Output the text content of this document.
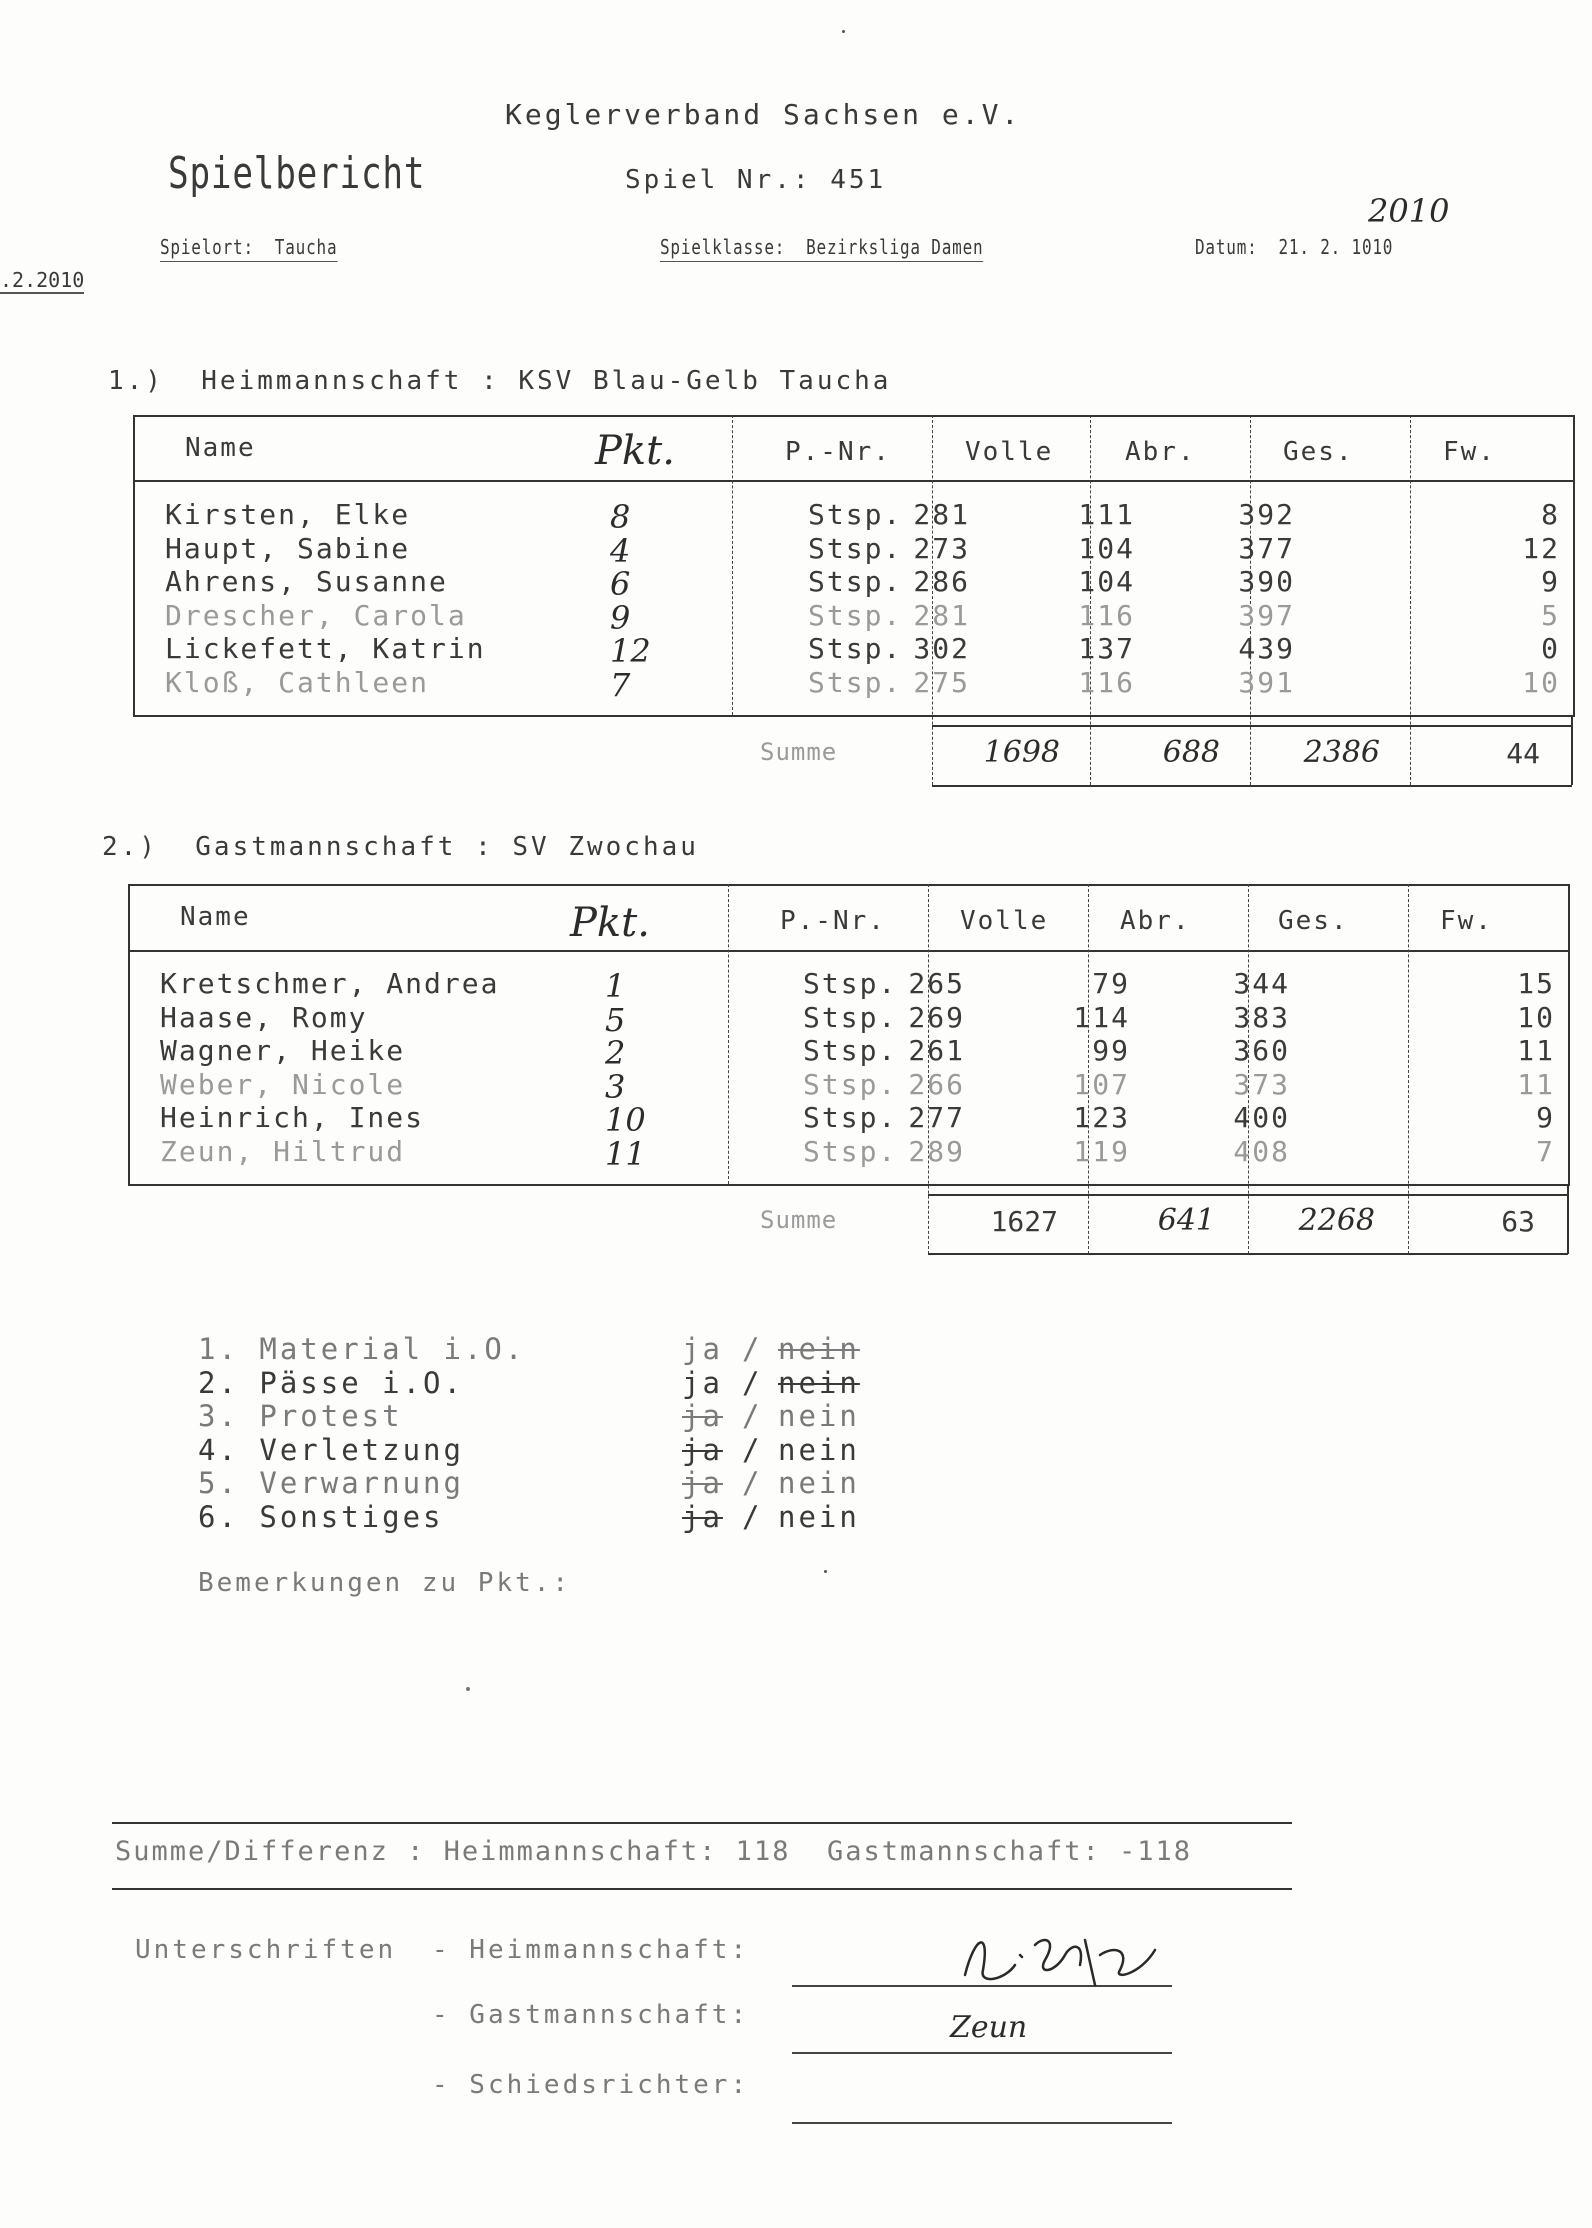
Keglerverband Sachsen e.V.
Spielbericht	Spiel Nr.: 451
Spielort: Taucha	Spielklasse: Bezirksliga Damen	Datum: 21. 2. 1010
2010
.2.2010
1.)  Heimmannschaft : KSV Blau-Gelb Taucha
Name	Pkt.	P.-Nr.	Volle	Abr.	Ges.	Fw.
Kirsten, Elke	8	Stsp. 281	111	392	8
Haupt, Sabine	4	Stsp. 273	104	377	12
Ahrens, Susanne	6	Stsp. 286	104	390	9
Drescher, Carola	9	Stsp. 281	116	397	5
Lickefett, Katrin	12	Stsp. 302	137	439	0
Kloß, Cathleen	7	Stsp. 275	116	391	10
Summe	1698	688	2386	44
2.)  Gastmannschaft : SV Zwochau
Name	Pkt.	P.-Nr.	Volle	Abr.	Ges.	Fw.
Kretschmer, Andrea	1	Stsp. 265	79	344	15
Haase, Romy	5	Stsp. 269	114	383	10
Wagner, Heike	2	Stsp. 261	99	360	11
Weber, Nicole	3	Stsp. 266	107	373	11
Heinrich, Ines	10	Stsp. 277	123	400	9
Zeun, Hiltrud	11	Stsp. 289	119	408	7
Summe	1627	641	2268	63
1. Material i.O.	ja / nein
2. Pässe i.O.	ja / nein
3. Protest	ja / nein
4. Verletzung	ja / nein
5. Verwarnung	ja / nein
6. Sonstiges	ja / nein
Bemerkungen zu Pkt.:
Summe/Differenz : Heimmannschaft: 118  Gastmannschaft: -118
Unterschriften - Heimmannschaft:
- Gastmannschaft:
- Schiedsrichter:
Zeun
